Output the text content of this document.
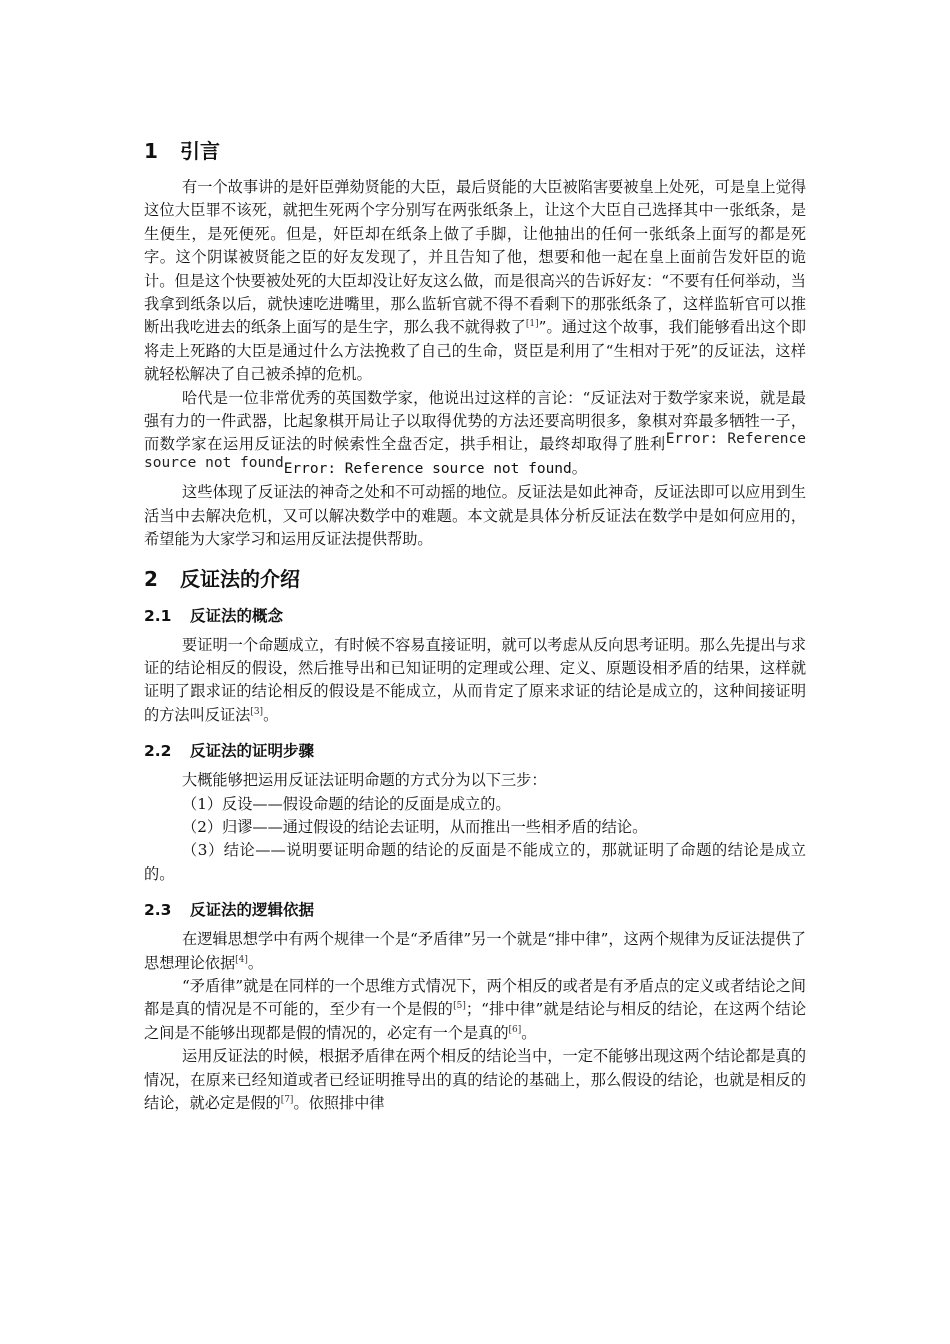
1 引言

有一个故事讲的是奸臣弹劾贤能的大臣，最后贤能的大臣被陷害要被皇上处死，可是皇上觉得这位大臣罪不该死，就把生死两个字分别写在两张纸条上，让这个大臣自己选择其中一张纸条，是生便生，是死便死。但是，奸臣却在纸条上做了手脚，让他抽出的任何一张纸条上面写的都是死字。这个阴谋被贤能之臣的好友发现了，并且告知了他，想要和他一起在皇上面前告发奸臣的诡计。但是这个快要被处死的大臣却没让好友这么做，而是很高兴的告诉好友：“不要有任何举动，当我拿到纸条以后，就快速吃进嘴里，那么监斩官就不得不看剩下的那张纸条了，这样监斩官可以推断出我吃进去的纸条上面写的是生字，那么我不就得救了[1]”。通过这个故事，我们能够看出这个即将走上死路的大臣是通过什么方法挽救了自己的生命，贤臣是利用了“生相对于死”的反证法，这样就轻松解决了自己被杀掉的危机。

哈代是一位非常优秀的英国数学家，他说出过这样的言论：“反证法对于数学家来说，就是最强有力的一件武器，比起象棋开局让子以取得优势的方法还要高明很多，象棋对弈最多牺牲一子，而数学家在运用反证法的时候索性全盘否定，拱手相让，最终却取得了胜利Error: Reference source not foundError: Reference source not found。

这些体现了反证法的神奇之处和不可动摇的地位。反证法是如此神奇，反证法即可以应用到生活当中去解决危机，又可以解决数学中的难题。本文就是具体分析反证法在数学中是如何应用的，希望能为大家学习和运用反证法提供帮助。

2 反证法的介绍
2.1 反证法的概念

要证明一个命题成立，有时候不容易直接证明，就可以考虑从反向思考证明。那么先提出与求证的结论相反的假设，然后推导出和已知证明的定理或公理、定义、原题设相矛盾的结果，这样就证明了跟求证的结论相反的假设是不能成立，从而肯定了原来求证的结论是成立的，这种间接证明的方法叫反证法[3]。

2.2 反证法的证明步骤

大概能够把运用反证法证明命题的方式分为以下三步：

（1）反设——假设命题的结论的反面是成立的。

（2）归谬——通过假设的结论去证明，从而推出一些相矛盾的结论。

（3）结论——说明要证明命题的结论的反面是不能成立的，那就证明了命题的结论是成立的。

2.3 反证法的逻辑依据

在逻辑思想学中有两个规律一个是“矛盾律”另一个就是“排中律”，这两个规律为反证法提供了思想理论依据[4]。

“矛盾律”就是在同样的一个思维方式情况下，两个相反的或者是有矛盾点的定义或者结论之间都是真的情况是不可能的，至少有一个是假的[5]；“排中律”就是结论与相反的结论，在这两个结论之间是不能够出现都是假的情况的，必定有一个是真的[6]。

运用反证法的时候，根据矛盾律在两个相反的结论当中，一定不能够出现这两个结论都是真的情况，在原来已经知道或者已经证明推导出的真的结论的基础上，那么假设的结论，也就是相反的结论，就必定是假的[7]。依照排中律
